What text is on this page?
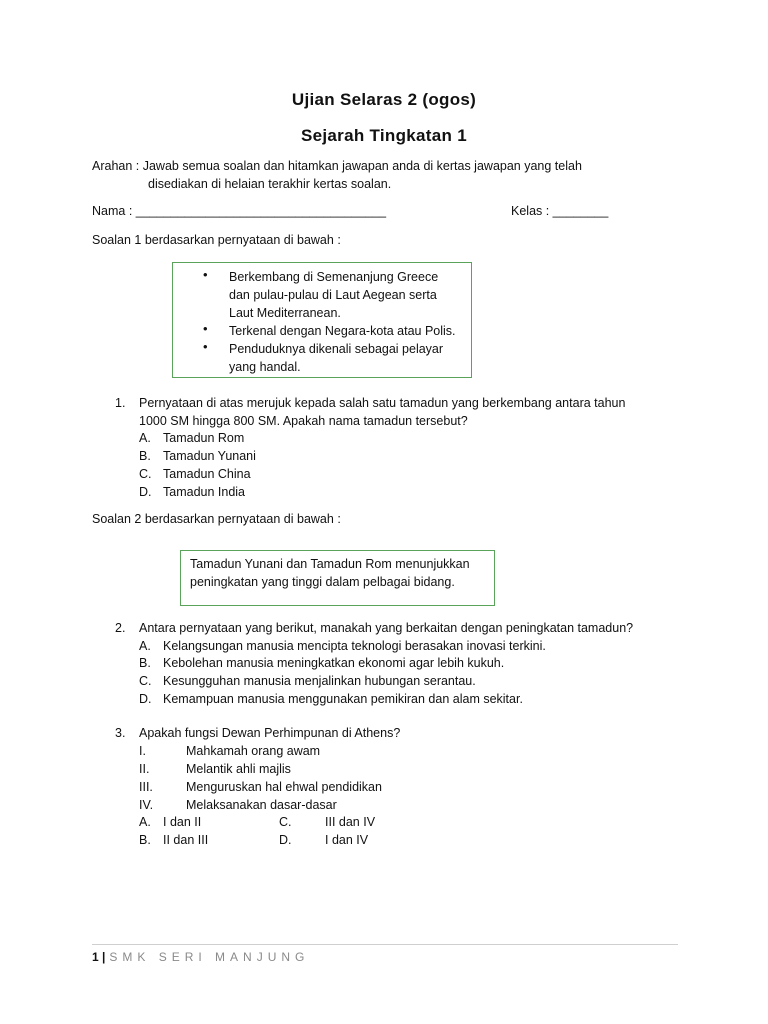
Ujian Selaras 2 (ogos)
Sejarah Tingkatan 1
Arahan : Jawab semua soalan dan hitamkan jawapan anda di kertas jawapan yang telah
disediakan di helaian terakhir kertas soalan.
Nama : ____________________________________	Kelas : ________
Soalan 1 berdasarkan pernyataan di bawah :
• Berkembang di Semenanjung Greece
dan pulau-pulau di Laut Aegean serta
Laut Mediterranean.
• Terkenal dengan Negara-kota atau Polis.
• Penduduknya dikenali sebagai pelayar
yang handal.
1. Pernyataan di atas merujuk kepada salah satu tamadun yang berkembang antara tahun
1000 SM hingga 800 SM. Apakah nama tamadun tersebut?
A. Tamadun Rom
B. Tamadun Yunani
C. Tamadun China
D. Tamadun India
Soalan 2 berdasarkan pernyataan di bawah :
Tamadun Yunani dan Tamadun Rom menunjukkan
peningkatan yang tinggi dalam pelbagai bidang.
2. Antara pernyataan yang berikut, manakah yang berkaitan dengan peningkatan tamadun?
A. Kelangsungan manusia mencipta teknologi berasakan inovasi terkini.
B. Kebolehan manusia meningkatkan ekonomi agar lebih kukuh.
C. Kesungguhan manusia menjalinkan hubungan serantau.
D. Kemampuan manusia menggunakan pemikiran dan alam sekitar.
3. Apakah fungsi Dewan Perhimpunan di Athens?
I.	Mahkamah orang awam
II.	Melantik ahli majlis
III.	Menguruskan hal ehwal pendidikan
IV.	Melaksanakan dasar-dasar
A. I dan II	C.	III dan IV
B. II dan III	D.	I dan IV
1 | SMK SERI MANJUNG
